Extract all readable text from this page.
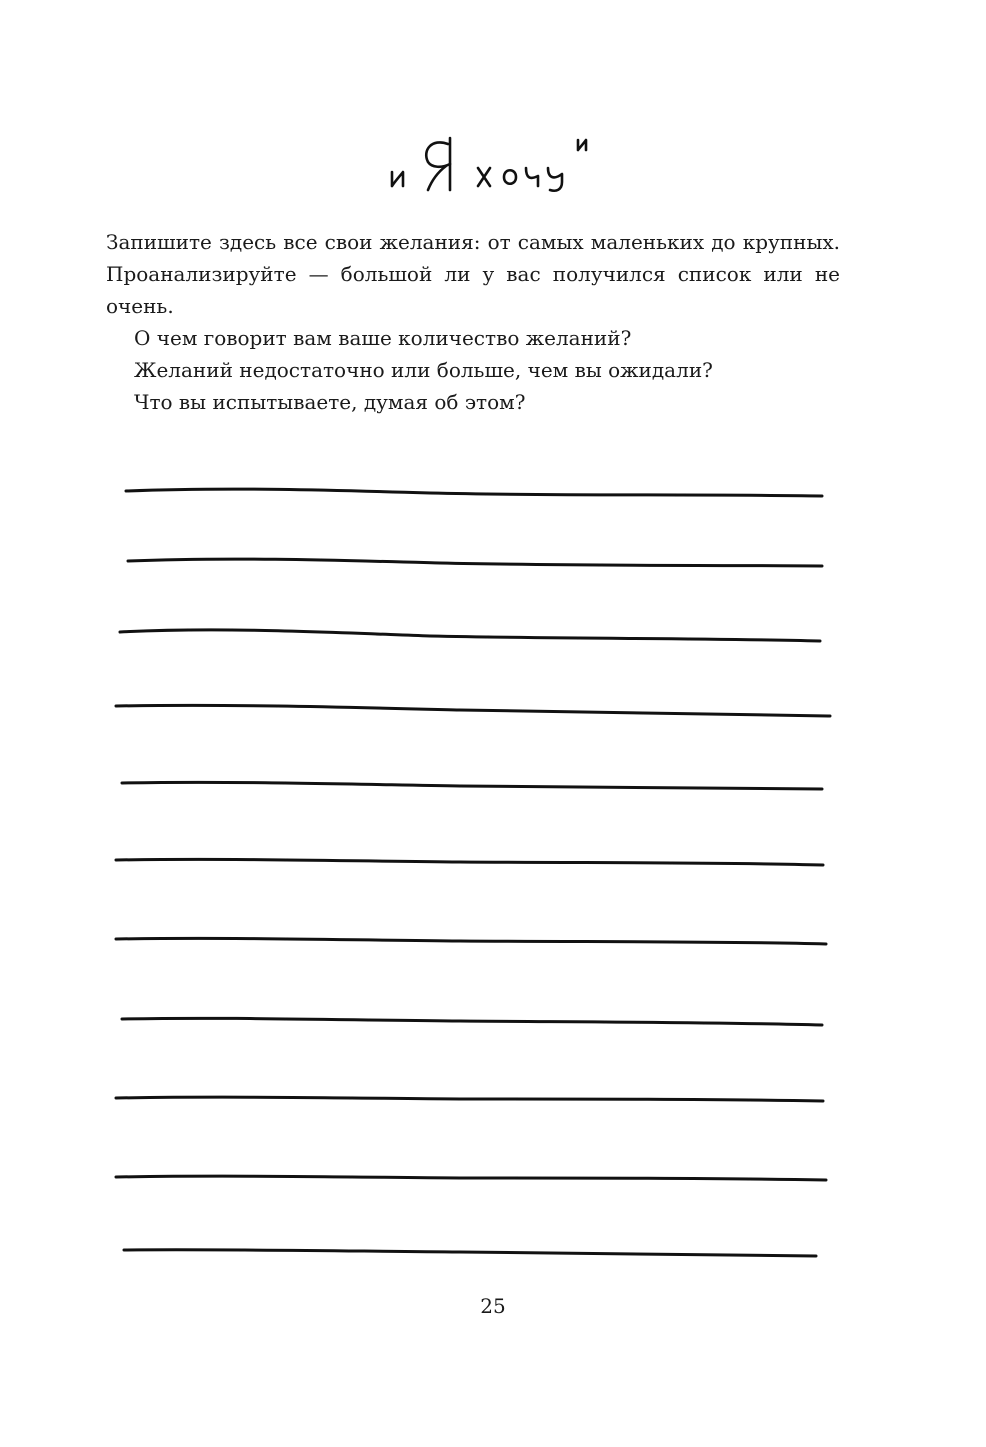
Запишите здесь все свои желания: от самых маленьких до крупных. Проанализируйте — большой ли у вас получился список или не очень.

О чем говорит вам ваше количество желаний?

Желаний недостаточно или больше, чем вы ожидали?

Что вы испытываете, думая об этом?

25
